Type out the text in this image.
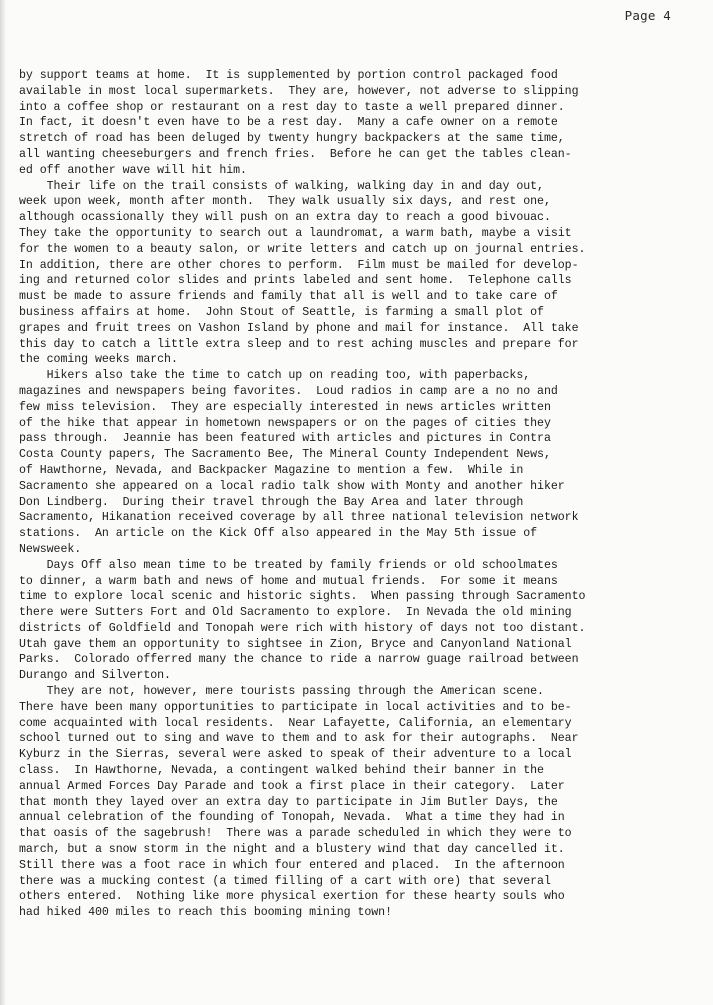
Page 4
by support teams at home.  It is supplemented by portion control packaged food
available in most local supermarkets.  They are, however, not adverse to slipping
into a coffee shop or restaurant on a rest day to taste a well prepared dinner.
In fact, it doesn't even have to be a rest day.  Many a cafe owner on a remote
stretch of road has been deluged by twenty hungry backpackers at the same time,
all wanting cheeseburgers and french fries.  Before he can get the tables clean-
ed off another wave will hit him.
Their life on the trail consists of walking, walking day in and day out,
week upon week, month after month.  They walk usually six days, and rest one,
although ocassionally they will push on an extra day to reach a good bivouac.
They take the opportunity to search out a laundromat, a warm bath, maybe a visit
for the women to a beauty salon, or write letters and catch up on journal entries.
In addition, there are other chores to perform.  Film must be mailed for develop-
ing and returned color slides and prints labeled and sent home.  Telephone calls
must be made to assure friends and family that all is well and to take care of
business affairs at home.  John Stout of Seattle, is farming a small plot of
grapes and fruit trees on Vashon Island by phone and mail for instance.  All take
this day to catch a little extra sleep and to rest aching muscles and prepare for
the coming weeks march.
Hikers also take the time to catch up on reading too, with paperbacks,
magazines and newspapers being favorites.  Loud radios in camp are a no no and
few miss television.  They are especially interested in news articles written
of the hike that appear in hometown newspapers or on the pages of cities they
pass through.  Jeannie has been featured with articles and pictures in Contra
Costa County papers, The Sacramento Bee, The Mineral County Independent News,
of Hawthorne, Nevada, and Backpacker Magazine to mention a few.  While in
Sacramento she appeared on a local radio talk show with Monty and another hiker
Don Lindberg.  During their travel through the Bay Area and later through
Sacramento, Hikanation received coverage by all three national television network
stations.  An article on the Kick Off also appeared in the May 5th issue of
Newsweek.
Days Off also mean time to be treated by family friends or old schoolmates
to dinner, a warm bath and news of home and mutual friends.  For some it means
time to explore local scenic and historic sights.  When passing through Sacramento
there were Sutters Fort and Old Sacramento to explore.  In Nevada the old mining
districts of Goldfield and Tonopah were rich with history of days not too distant.
Utah gave them an opportunity to sightsee in Zion, Bryce and Canyonland National
Parks.  Colorado offerred many the chance to ride a narrow guage railroad between
Durango and Silverton.
They are not, however, mere tourists passing through the American scene.
There have been many opportunities to participate in local activities and to be-
come acquainted with local residents.  Near Lafayette, California, an elementary
school turned out to sing and wave to them and to ask for their autographs.  Near
Kyburz in the Sierras, several were asked to speak of their adventure to a local
class.  In Hawthorne, Nevada, a contingent walked behind their banner in the
annual Armed Forces Day Parade and took a first place in their category.  Later
that month they layed over an extra day to participate in Jim Butler Days, the
annual celebration of the founding of Tonopah, Nevada.  What a time they had in
that oasis of the sagebrush!  There was a parade scheduled in which they were to
march, but a snow storm in the night and a blustery wind that day cancelled it.
Still there was a foot race in which four entered and placed.  In the afternoon
there was a mucking contest (a timed filling of a cart with ore) that several
others entered.  Nothing like more physical exertion for these hearty souls who
had hiked 400 miles to reach this booming mining town!
